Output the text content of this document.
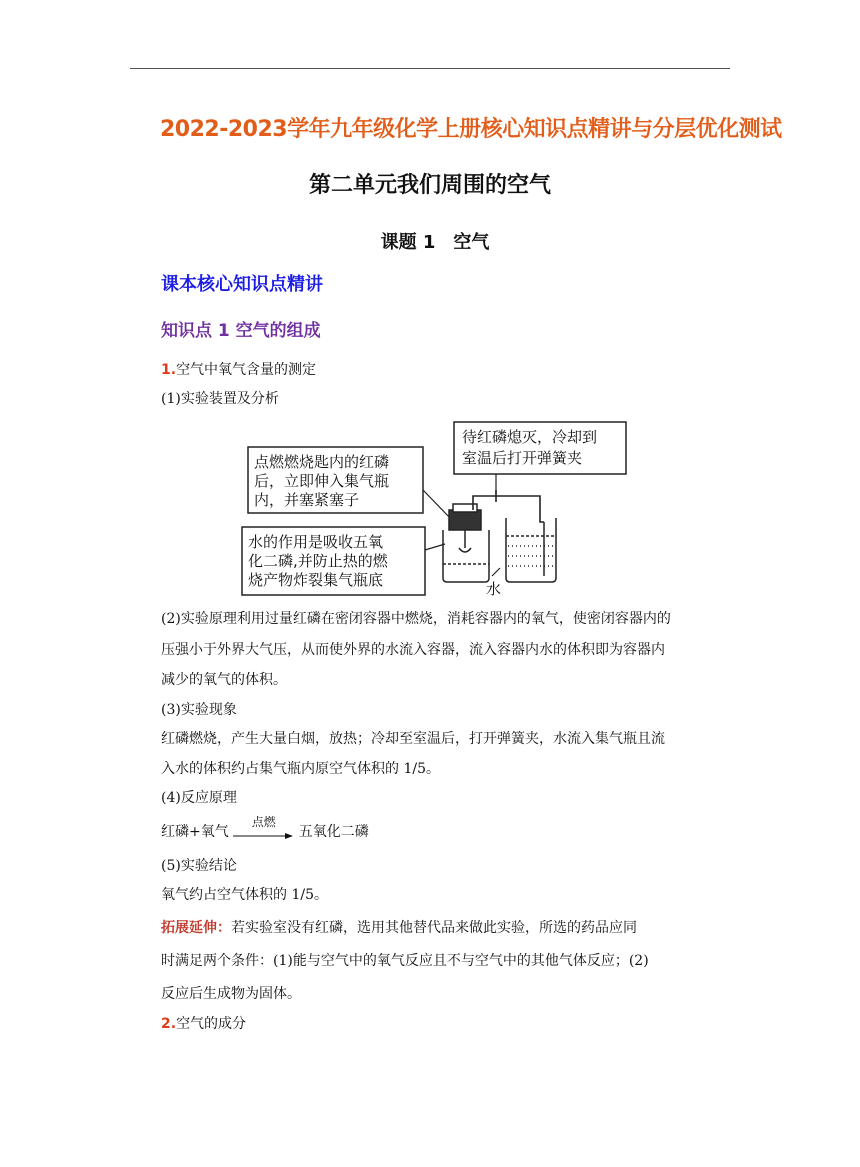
2022-2023学年九年级化学上册核心知识点精讲与分层优化测试
第二单元我们周围的空气
课题 1　空气
课本核心知识点精讲
知识点 1 空气的组成
1.空气中氧气含量的测定
(1)实验装置及分析
点燃燃烧匙内的红磷
后，立即伸入集气瓶
内，并塞紧塞子
水的作用是吸收五氧
化二磷,并防止热的燃
烧产物炸裂集气瓶底
待红磷熄灭，冷却到
室温后打开弹簧夹
水
(2)实验原理利用过量红磷在密闭容器中燃烧，消耗容器内的氧气，使密闭容器内的
压强小于外界大气压，从而使外界的水流入容器，流入容器内水的体积即为容器内
减少的氧气的体积。
(3)实验现象
红磷燃烧，产生大量白烟，放热；冷却至室温后，打开弹簧夹，水流入集气瓶且流
入水的体积约占集气瓶内原空气体积的 1/5。
(4)反应原理
红磷+氧气
点燃
五氧化二磷
(5)实验结论
氧气约占空气体积的 1/5。
拓展延伸：若实验室没有红磷，选用其他替代品来做此实验，所选的药品应同
时满足两个条件：(1)能与空气中的氧气反应且不与空气中的其他气体反应；(2)
反应后生成物为固体。
2.空气的成分
